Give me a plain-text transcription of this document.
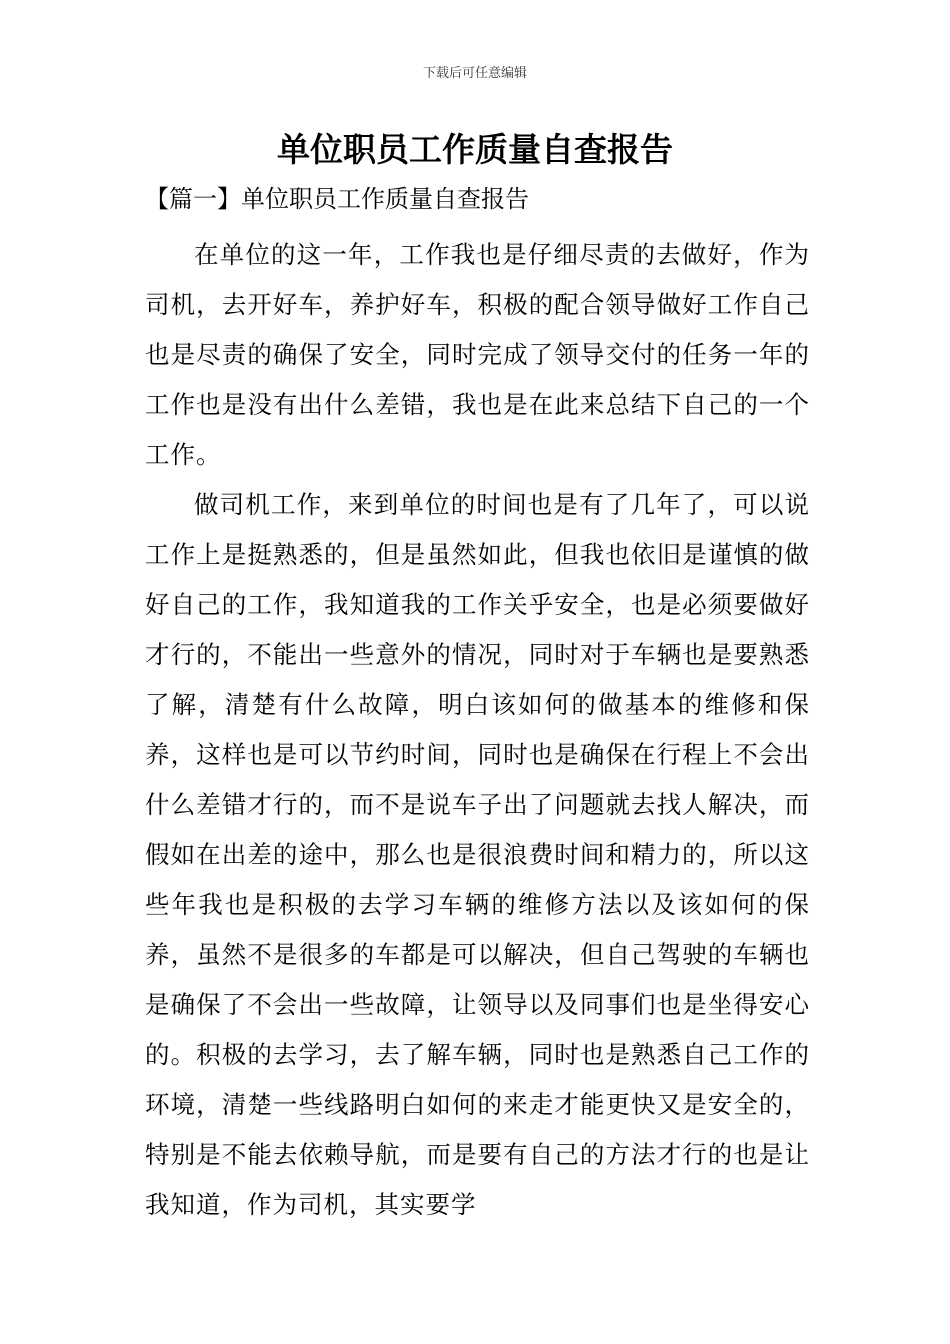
下载后可任意编辑
单位职员工作质量自查报告
【篇一】单位职员工作质量自查报告

在单位的这一年，工作我也是仔细尽责的去做好，作为司机，去开好车，养护好车，积极的配合领导做好工作自己也是尽责的确保了安全，同时完成了领导交付的任务一年的工作也是没有出什么差错，我也是在此来总结下自己的一个工作。

做司机工作，来到单位的时间也是有了几年了，可以说工作上是挺熟悉的，但是虽然如此，但我也依旧是谨慎的做好自己的工作，我知道我的工作关乎安全，也是必须要做好才行的，不能出一些意外的情况，同时对于车辆也是要熟悉了解，清楚有什么故障，明白该如何的做基本的维修和保养，这样也是可以节约时间，同时也是确保在行程上不会出什么差错才行的，而不是说车子出了问题就去找人解决，而假如在出差的途中，那么也是很浪费时间和精力的，所以这些年我也是积极的去学习车辆的维修方法以及该如何的保养，虽然不是很多的车都是可以解决，但自己驾驶的车辆也是确保了不会出一些故障，让领导以及同事们也是坐得安心的。积极的去学习，去了解车辆，同时也是熟悉自己工作的环境，清楚一些线路明白如何的来走才能更快又是安全的，特别是不能去依赖导航，而是要有自己的方法才行的也是让我知道，作为司机，其实要学
